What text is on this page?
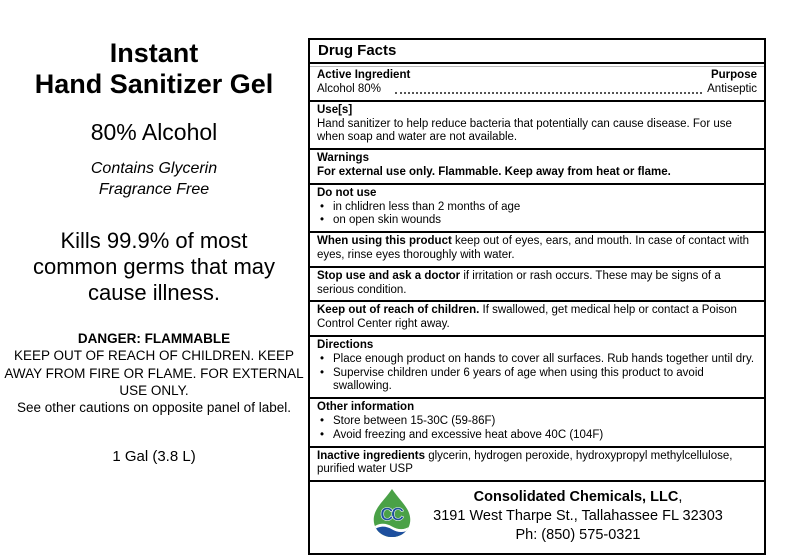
Instant
Hand Sanitizer Gel
80% Alcohol
Contains Glycerin
Fragrance Free
Kills 99.9% of most common germs that may cause illness.
DANGER: FLAMMABLE
KEEP OUT OF REACH OF CHILDREN. KEEP AWAY FROM FIRE OR FLAME. FOR EXTERNAL USE ONLY.
See other cautions on opposite panel of label.
1 Gal (3.8 L)
Drug Facts
Active Ingredient	Purpose
Alcohol 80%	Antiseptic
Use[s]
Hand sanitizer to help reduce bacteria that potentially can cause disease. For use when soap and water are not available.
Warnings
For external use only. Flammable. Keep away from heat or flame.
Do not use
• in chlidren less than 2 months of age
• on open skin wounds
When using this product keep out of eyes, ears, and mouth. In case of contact with eyes, rinse eyes thoroughly with water.
Stop use and ask a doctor if irritation or rash occurs. These may be signs of a serious condition.
Keep out of reach of children. If swallowed, get medical help or contact a Poison Control Center right away.
Directions
• Place enough product on hands to cover all surfaces. Rub hands together until dry.
• Supervise children under 6 years of age when using this product to avoid swallowing.
Other information
• Store between 15-30C (59-86F)
• Avoid freezing and excessive heat above 40C (104F)
Inactive ingredients glycerin, hydrogen peroxide, hydroxypropyl methylcellulose, purified water USP
CC
Consolidated Chemicals, LLC,
3191 West Tharpe St., Tallahassee FL 32303
Ph: (850) 575-0321
